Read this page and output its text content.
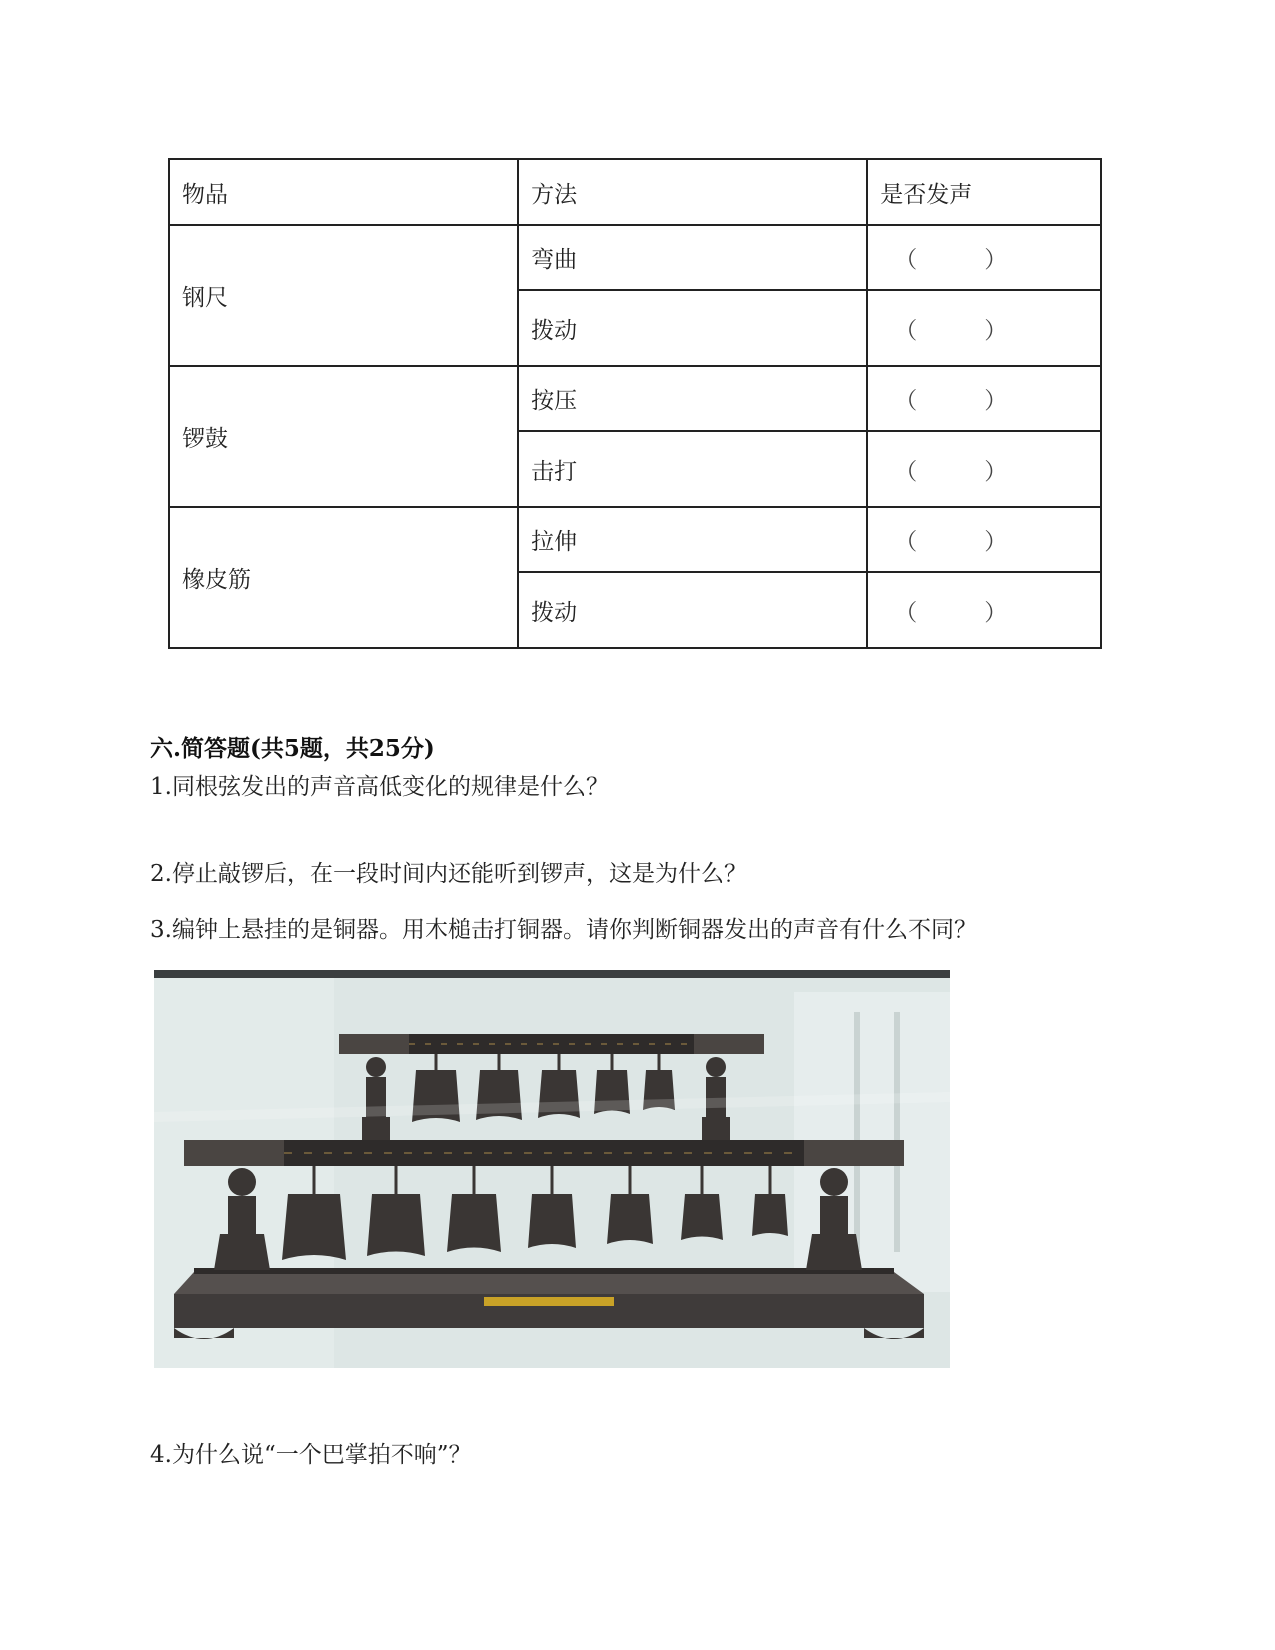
物品	方法	是否发声
钢尺	弯曲	（ ）
	拨动	（ ）
锣鼓	按压	（ ）
	击打	（ ）
橡皮筋	拉伸	（ ）
	拨动	（ ）
六.简答题(共5题，共25分)
1.同根弦发出的声音高低变化的规律是什么？
2.停止敲锣后，在一段时间内还能听到锣声，这是为什么？
3.编钟上悬挂的是铜器。用木槌击打铜器。请你判断铜器发出的声音有什么不同？
4.为什么说“一个巴掌拍不响”？
